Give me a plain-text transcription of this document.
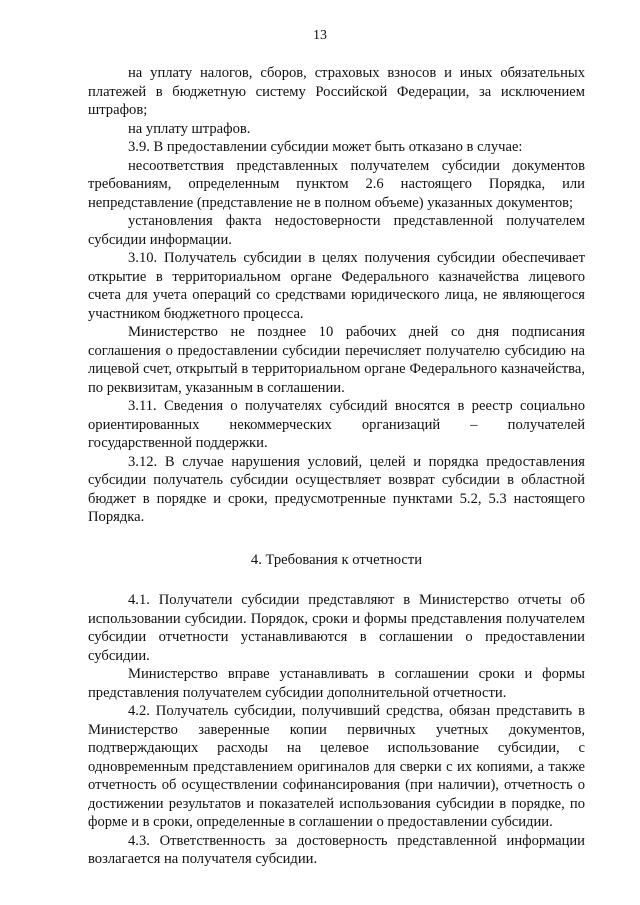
13

на уплату налогов, сборов, страховых взносов и иных обязательных платежей в бюджетную систему Российской Федерации, за исключением штрафов;

на уплату штрафов.

3.9. В предоставлении субсидии может быть отказано в случае:

несоответствия представленных получателем субсидии документов требованиям, определенным пунктом 2.6 настоящего Порядка, или непредставление (представление не в полном объеме) указанных документов;

установления факта недостоверности представленной получателем субсидии информации.

3.10. Получатель субсидии в целях получения субсидии обеспечивает открытие в территориальном органе Федерального казначейства лицевого счета для учета операций со средствами юридического лица, не являющегося участником бюджетного процесса.

Министерство не позднее 10 рабочих дней со дня подписания соглашения о предоставлении субсидии перечисляет получателю субсидию на лицевой счет, открытый в территориальном органе Федерального казначейства, по реквизитам, указанным в соглашении.

3.11. Сведения о получателях субсидий вносятся в реестр социально ориентированных некоммерческих организаций – получателей государственной поддержки.

3.12. В случае нарушения условий, целей и порядка предоставления субсидии получатель субсидии осуществляет возврат субсидии в областной бюджет в порядке и сроки, предусмотренные пунктами 5.2, 5.3 настоящего Порядка.

4. Требования к отчетности

4.1. Получатели субсидии представляют в Министерство отчеты об использовании субсидии. Порядок, сроки и формы представления получателем субсидии отчетности устанавливаются в соглашении о предоставлении субсидии.

Министерство вправе устанавливать в соглашении сроки и формы представления получателем субсидии дополнительной отчетности.

4.2. Получатель субсидии, получивший средства, обязан представить в Министерство заверенные копии первичных учетных документов, подтверждающих расходы на целевое использование субсидии, с одновременным представлением оригиналов для сверки с их копиями, а также отчетность об осуществлении софинансирования (при наличии), отчетность о достижении результатов и показателей использования субсидии в порядке, по форме и в сроки, определенные в соглашении о предоставлении субсидии.

4.3. Ответственность за достоверность представленной информации возлагается на получателя субсидии.
